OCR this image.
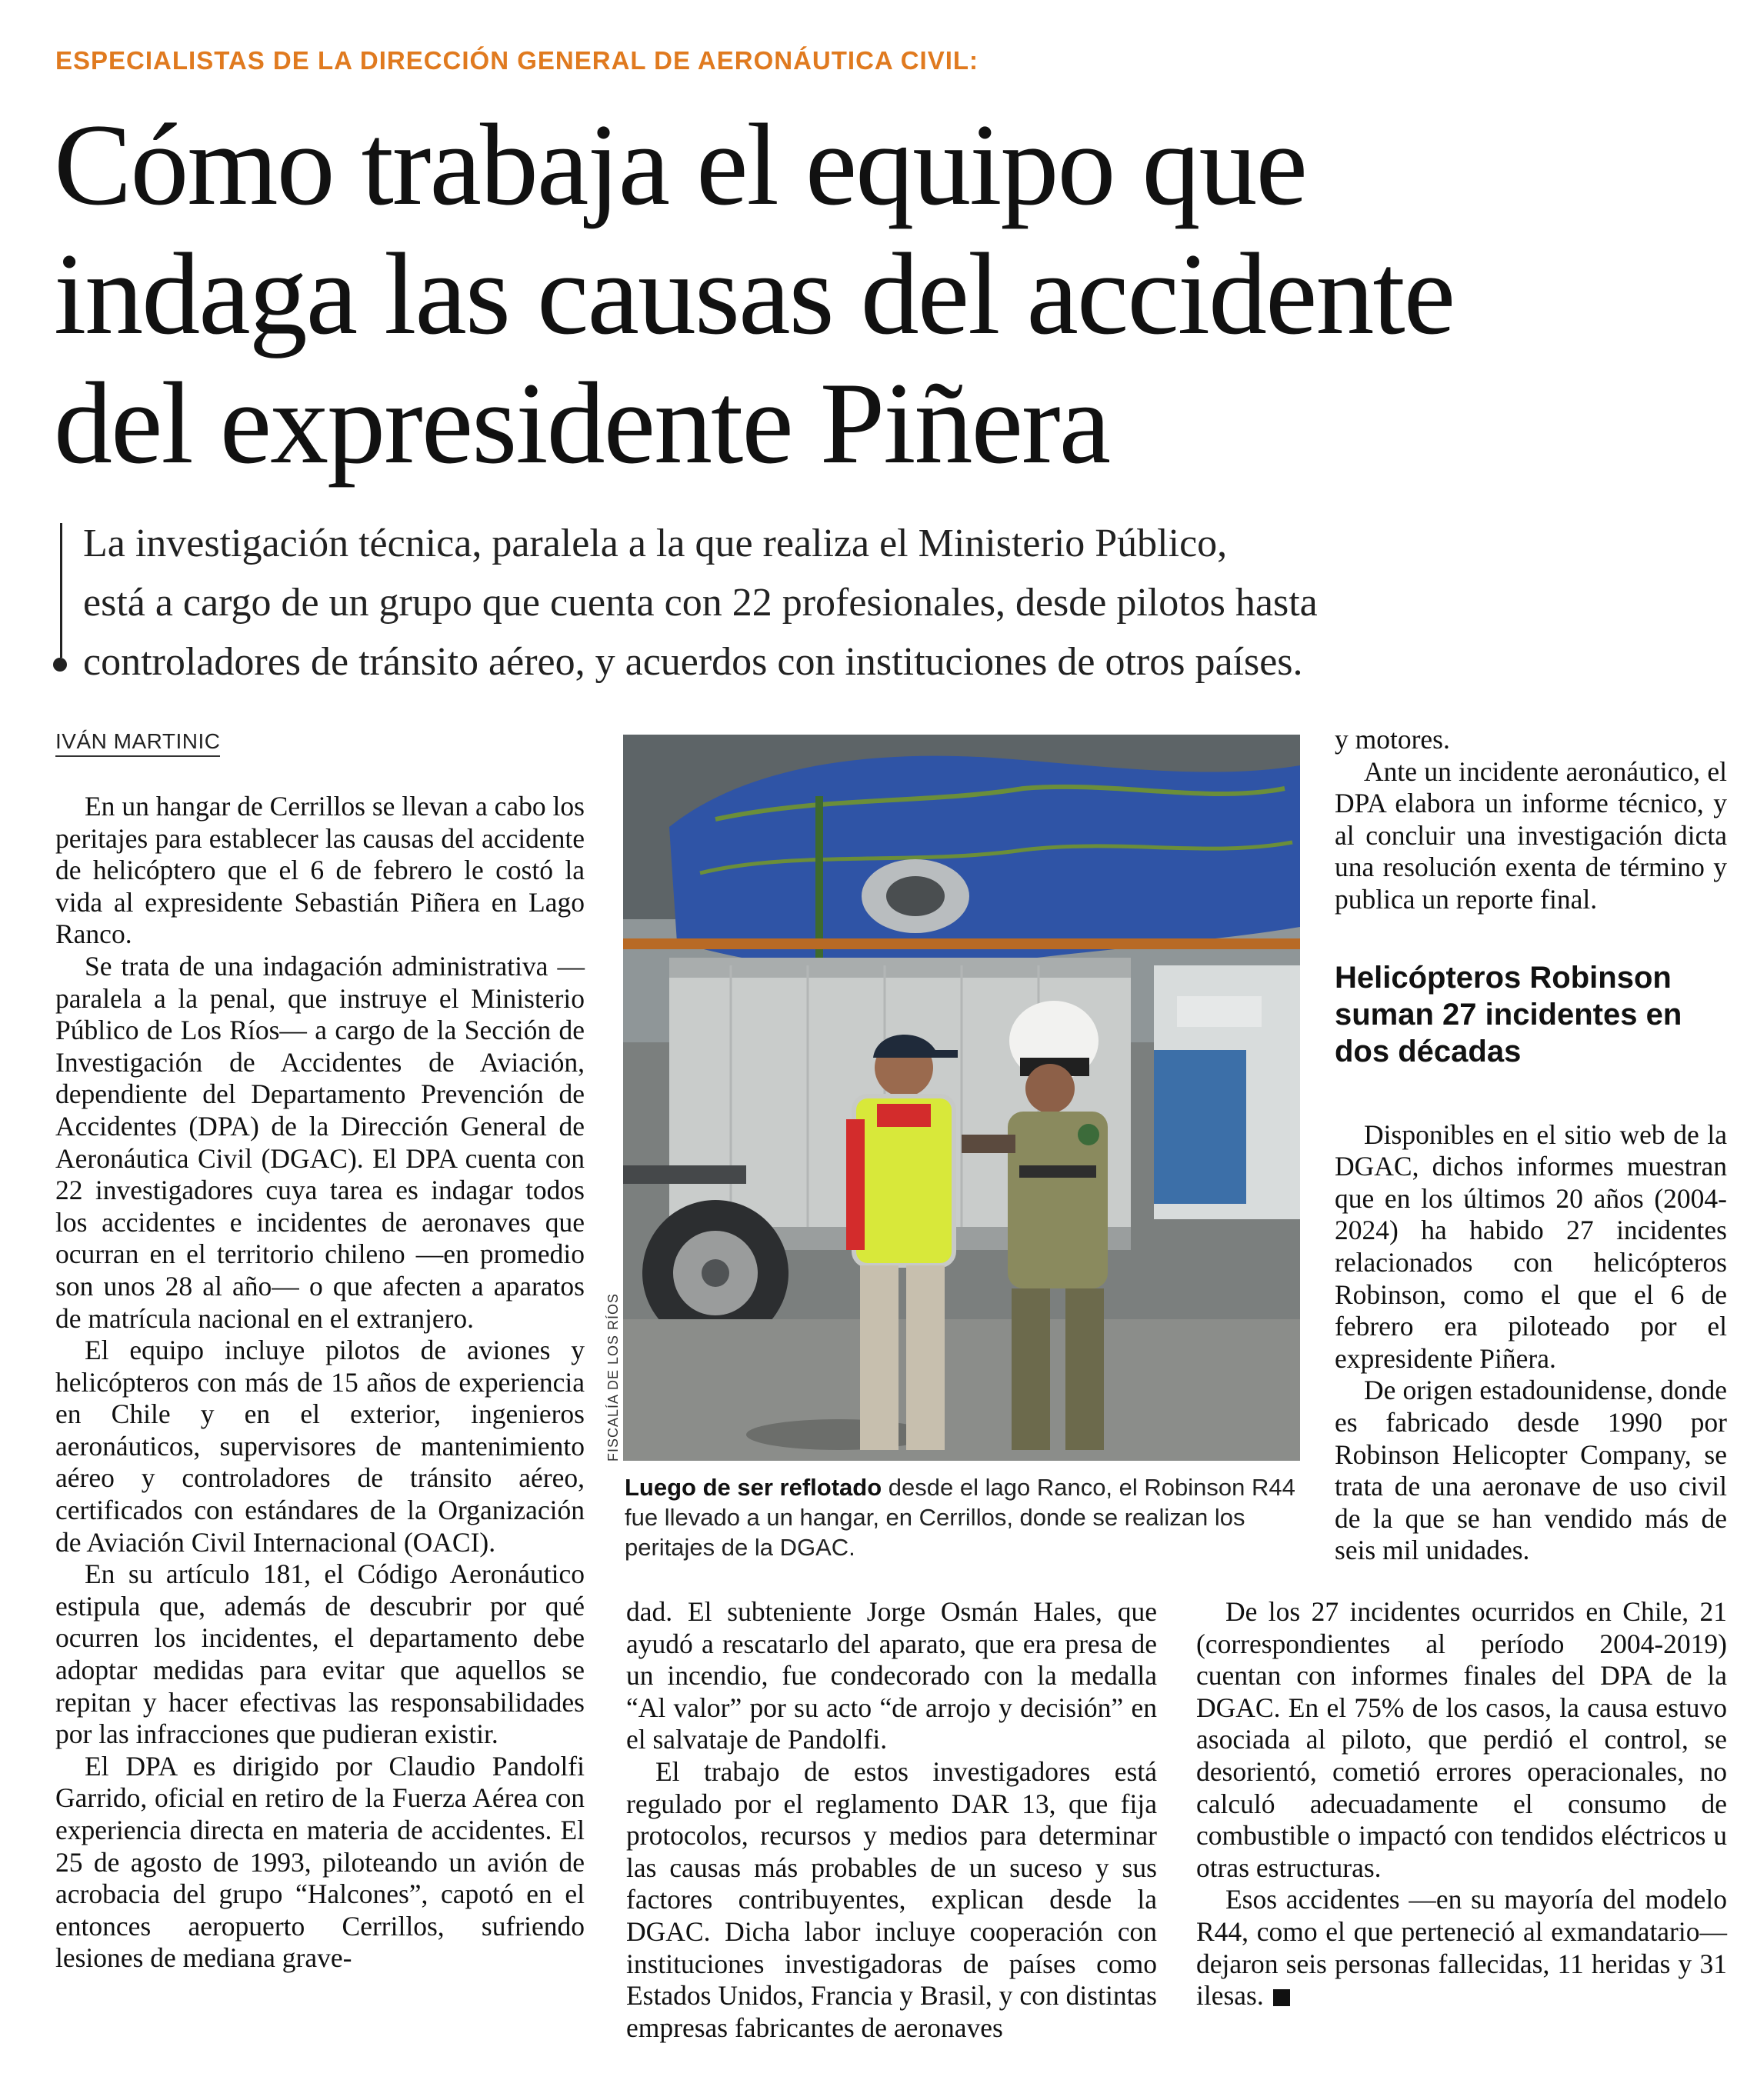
ESPECIALISTAS DE LA DIRECCIÓN GENERAL DE AERONÁUTICA CIVIL:
Cómo trabaja el equipo que
indaga las causas del accidente
del expresidente Piñera
La investigación técnica, paralela a la que realiza el Ministerio Público,
está a cargo de un grupo que cuenta con 22 profesionales, desde pilotos hasta
controladores de tránsito aéreo, y acuerdos con instituciones de otros países.
IVÁN MARTINIC

En un hangar de Cerrillos se llevan a cabo los peritajes para establecer las causas del accidente de helicóptero que el 6 de febrero le costó la vida al expresidente Sebastián Piñera en Lago Ranco.

Se trata de una indagación administrativa —paralela a la penal, que instruye el Ministerio Público de Los Ríos— a cargo de la Sección de Investigación de Accidentes de Aviación, dependiente del Departamento Prevención de Accidentes (DPA) de la Dirección General de Aeronáutica Civil (DGAC). El DPA cuenta con 22 investigadores cuya tarea es indagar todos los accidentes e incidentes de aeronaves que ocurran en el territorio chileno —en promedio son unos 28 al año— o que afecten a aparatos de matrícula nacional en el extranjero.

El equipo incluye pilotos de aviones y helicópteros con más de 15 años de experiencia en Chile y en el exterior, ingenieros aeronáuticos, supervisores de mantenimiento aéreo y controladores de tránsito aéreo, certificados con estándares de la Organización de Aviación Civil Internacional (OACI).

En su artículo 181, el Código Aeronáutico estipula que, además de descubrir por qué ocurren los incidentes, el departamento debe adoptar medidas para evitar que aquellos se repitan y hacer efectivas las responsabilidades por las infracciones que pudieran existir.

El DPA es dirigido por Claudio Pandolfi Garrido, oficial en retiro de la Fuerza Aérea con experiencia directa en materia de accidentes. El 25 de agosto de 1993, piloteando un avión de acrobacia del grupo “Halcones”, capotó en el entonces aeropuerto Cerrillos, sufriendo lesiones de mediana grave-

FISCALÍA DE LOS RÍOS
Luego de ser reflotado desde el lago Ranco, el Robinson R44 fue llevado a un hangar, en Cerrillos, donde se realizan los peritajes de la DGAC.

dad. El subteniente Jorge Osmán Hales, que ayudó a rescatarlo del aparato, que era presa de un incendio, fue condecorado con la medalla “Al valor” por su acto “de arrojo y decisión” en el salvataje de Pandolfi.

El trabajo de estos investigadores está regulado por el reglamento DAR 13, que fija protocolos, recursos y medios para determinar las causas más probables de un suceso y sus factores contribuyentes, explican desde la DGAC. Dicha labor incluye cooperación con instituciones investigadoras de países como Estados Unidos, Francia y Brasil, y con distintas empresas fabricantes de aeronaves

y motores.

Ante un incidente aeronáutico, el DPA elabora un informe técnico, y al concluir una investigación dicta una resolución exenta de término y publica un reporte final.

Helicópteros Robinson suman 27 incidentes en dos décadas

Disponibles en el sitio web de la DGAC, dichos informes muestran que en los últimos 20 años (2004-2024) ha habido 27 incidentes relacionados con helicópteros Robinson, como el que el 6 de febrero era piloteado por el expresidente Piñera.

De origen estadounidense, donde es fabricado desde 1990 por Robinson Helicopter Company, se trata de una aeronave de uso civil de la que se han vendido más de seis mil unidades.

De los 27 incidentes ocurridos en Chile, 21 (correspondientes al período 2004-2019) cuentan con informes finales del DPA de la DGAC. En el 75% de los casos, la causa estuvo asociada al piloto, que perdió el control, se desorientó, cometió errores operacionales, no calculó adecuadamente el consumo de combustible o impactó con tendidos eléctricos u otras estructuras.

Esos accidentes —en su mayoría del modelo R44, como el que perteneció al exmandatario— dejaron seis personas fallecidas, 11 heridas y 31 ilesas.
